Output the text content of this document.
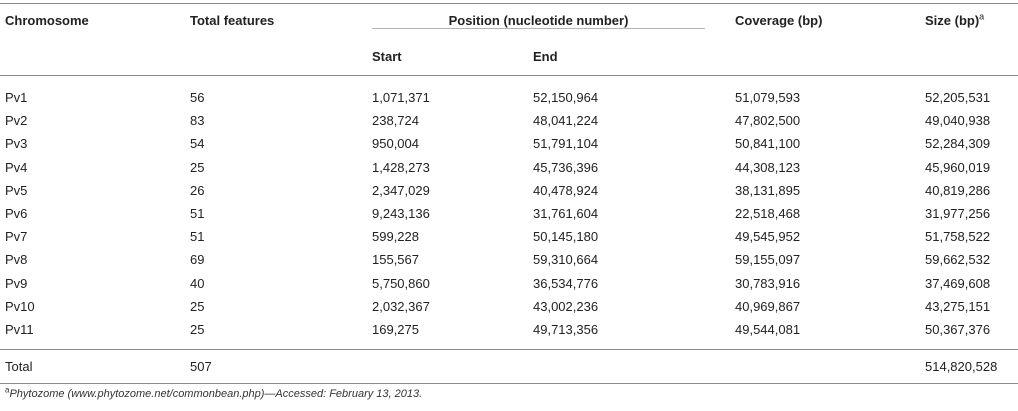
Chromosome	Total features	Position (nucleotide number)		Coverage (bp)	Size (bp)$^a$
		Start	End		
Pv1	56	1,071,371	52,150,964	51,079,593	52,205,531
Pv2	83	238,724	48,041,224	47,802,500	49,040,938
Pv3	54	950,004	51,791,104	50,841,100	52,284,309
Pv4	25	1,428,273	45,736,396	44,308,123	45,960,019
Pv5	26	2,347,029	40,478,924	38,131,895	40,819,286
Pv6	51	9,243,136	31,761,604	22,518,468	31,977,256
Pv7	51	599,228	50,145,180	49,545,952	51,758,522
Pv8	69	155,567	59,310,664	59,155,097	59,662,532
Pv9	40	5,750,860	36,534,776	30,783,916	37,469,608
Pv10	25	2,032,367	43,002,236	40,969,867	43,275,151
Pv11	25	169,275	49,713,356	49,544,081	50,367,376
Total	507				514,820,528
$^a$Phytozome (www.phytozome.net/commonbean.php)—Accessed: February 13, 2013.
